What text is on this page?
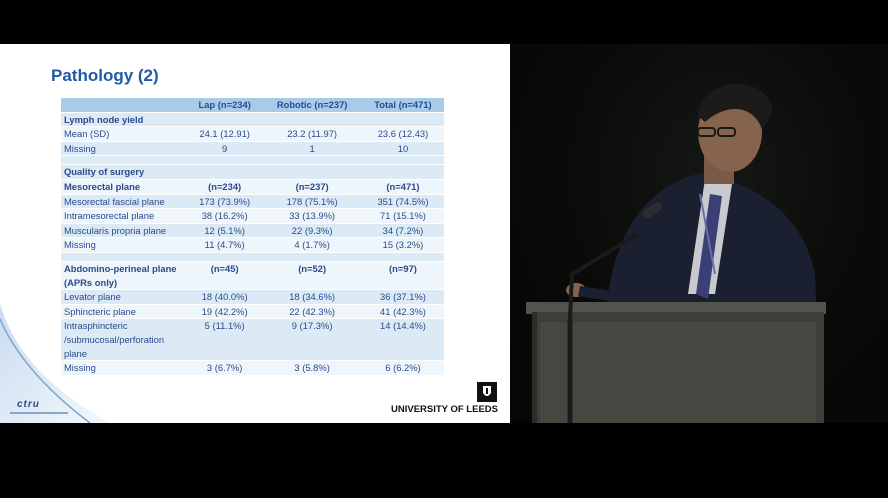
Pathology (2)
	Lap (n=234)	Robotic (n=237)	Total (n=471)
Lymph node yield			
Mean (SD)	24.1 (12.91)	23.2 (11.97)	23.6 (12.43)
Missing	9	1	10

Quality of surgery			
Mesorectal plane	(n=234)	(n=237)	(n=471)
Mesorectal fascial plane	173 (73.9%)	178 (75.1%)	351 (74.5%)
Intramesorectal plane	38 (16.2%)	33 (13.9%)	71 (15.1%)
Muscularis propria plane	12 (5.1%)	22 (9.3%)	34 (7.2%)
Missing	11 (4.7%)	4 (1.7%)	15 (3.2%)

Abdomino-perineal plane (APRs only)	(n=45)	(n=52)	(n=97)
Levator plane	18 (40.0%)	18 (34.6%)	36 (37.1%)
Sphincteric plane	19 (42.2%)	22 (42.3%)	41 (42.3%)
Intrasphincteric /submucosal/perforation plane	5 (11.1%)	9 (17.3%)	14 (14.4%)
Missing	3 (6.7%)	3 (5.8%)	6 (6.2%)
ctru	UNIVERSITY OF LEEDS
